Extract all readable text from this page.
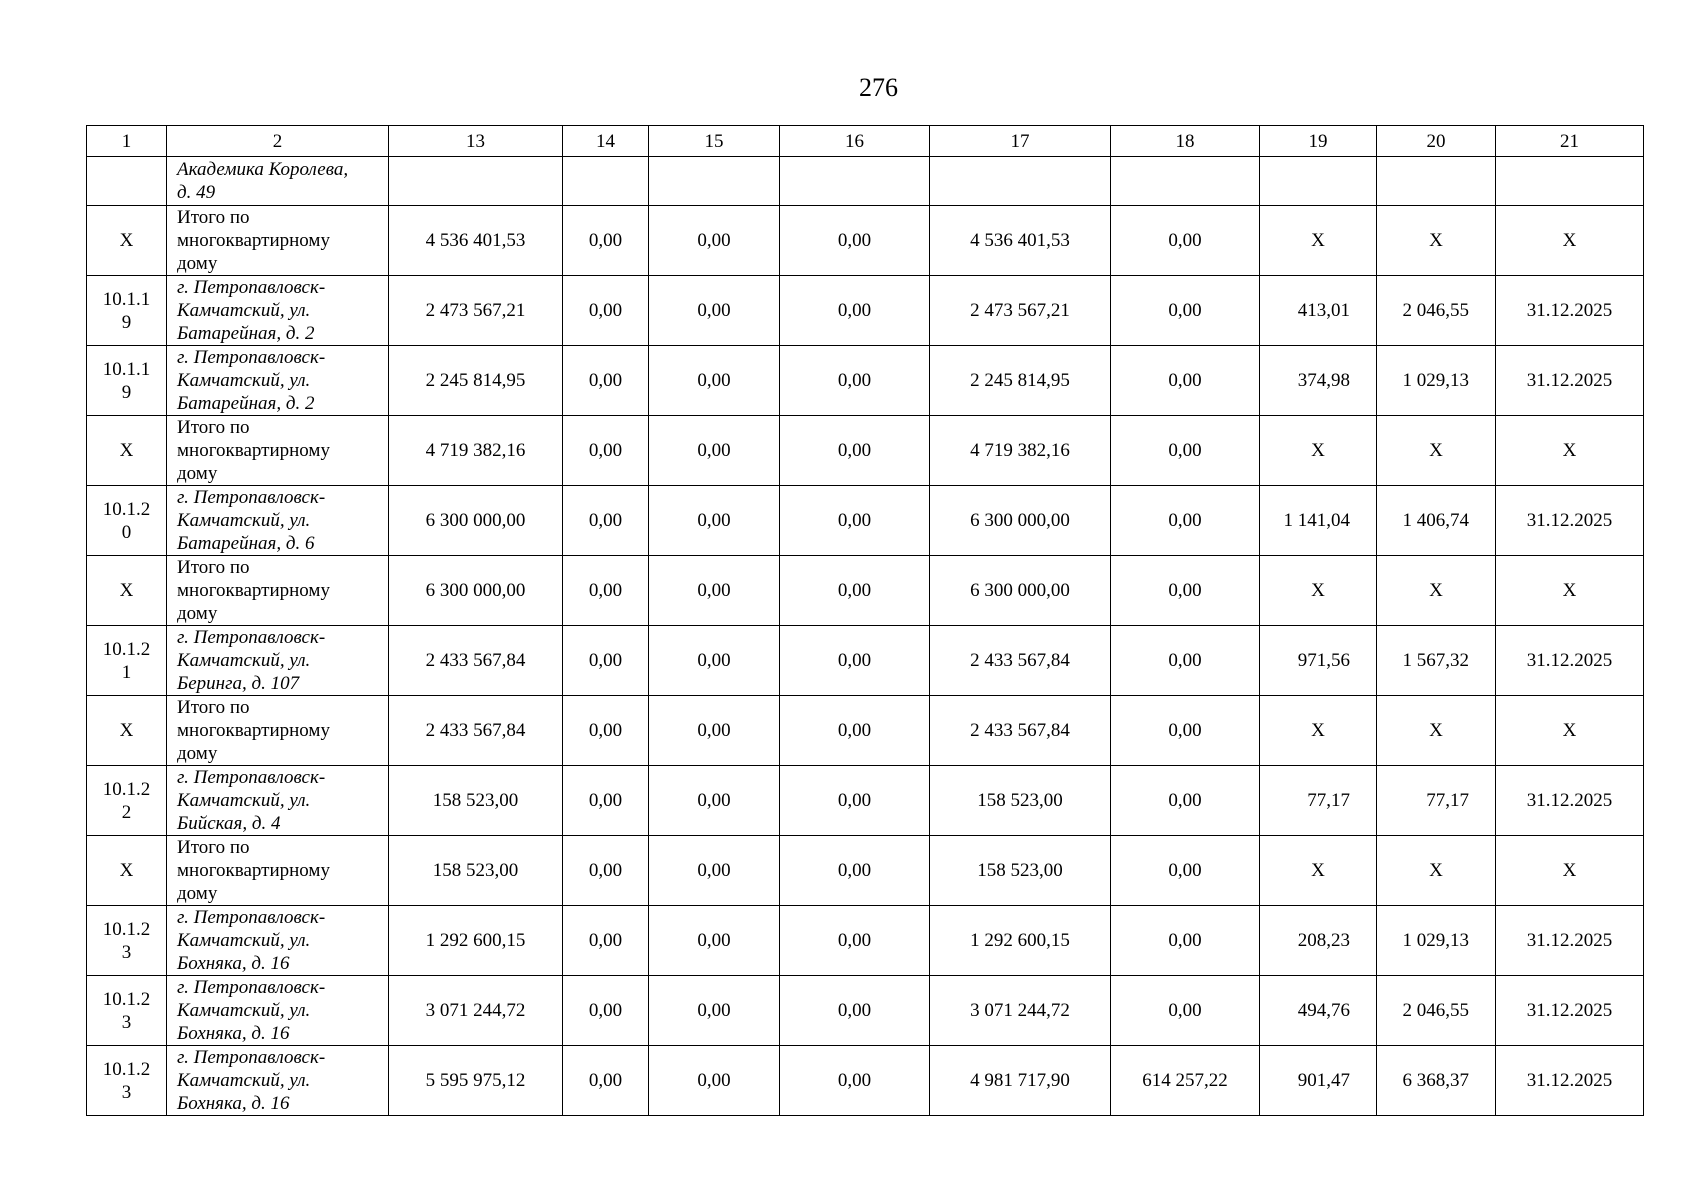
276
1	2	13	14	15	16	17	18	19	20	21
	Академика Королева,
д. 49									
Х	Итого по
многоквартирному
дому	4 536 401,53	0,00	0,00	0,00	4 536 401,53	0,00	Х	Х	Х
10.1.1
9	г. Петропавловск-
Камчатский, ул.
Батарейная, д. 2	2 473 567,21	0,00	0,00	0,00	2 473 567,21	0,00	413,01	2 046,55	31.12.2025
10.1.1
9	г. Петропавловск-
Камчатский, ул.
Батарейная, д. 2	2 245 814,95	0,00	0,00	0,00	2 245 814,95	0,00	374,98	1 029,13	31.12.2025
Х	Итого по
многоквартирному
дому	4 719 382,16	0,00	0,00	0,00	4 719 382,16	0,00	Х	Х	Х
10.1.2
0	г. Петропавловск-
Камчатский, ул.
Батарейная, д. 6	6 300 000,00	0,00	0,00	0,00	6 300 000,00	0,00	1 141,04	1 406,74	31.12.2025
Х	Итого по
многоквартирному
дому	6 300 000,00	0,00	0,00	0,00	6 300 000,00	0,00	Х	Х	Х
10.1.2
1	г. Петропавловск-
Камчатский, ул.
Беринга, д. 107	2 433 567,84	0,00	0,00	0,00	2 433 567,84	0,00	971,56	1 567,32	31.12.2025
Х	Итого по
многоквартирному
дому	2 433 567,84	0,00	0,00	0,00	2 433 567,84	0,00	Х	Х	Х
10.1.2
2	г. Петропавловск-
Камчатский, ул.
Бийская, д. 4	158 523,00	0,00	0,00	0,00	158 523,00	0,00	77,17	77,17	31.12.2025
Х	Итого по
многоквартирному
дому	158 523,00	0,00	0,00	0,00	158 523,00	0,00	Х	Х	Х
10.1.2
3	г. Петропавловск-
Камчатский, ул.
Бохняка, д. 16	1 292 600,15	0,00	0,00	0,00	1 292 600,15	0,00	208,23	1 029,13	31.12.2025
10.1.2
3	г. Петропавловск-
Камчатский, ул.
Бохняка, д. 16	3 071 244,72	0,00	0,00	0,00	3 071 244,72	0,00	494,76	2 046,55	31.12.2025
10.1.2
3	г. Петропавловск-
Камчатский, ул.
Бохняка, д. 16	5 595 975,12	0,00	0,00	0,00	4 981 717,90	614 257,22	901,47	6 368,37	31.12.2025
